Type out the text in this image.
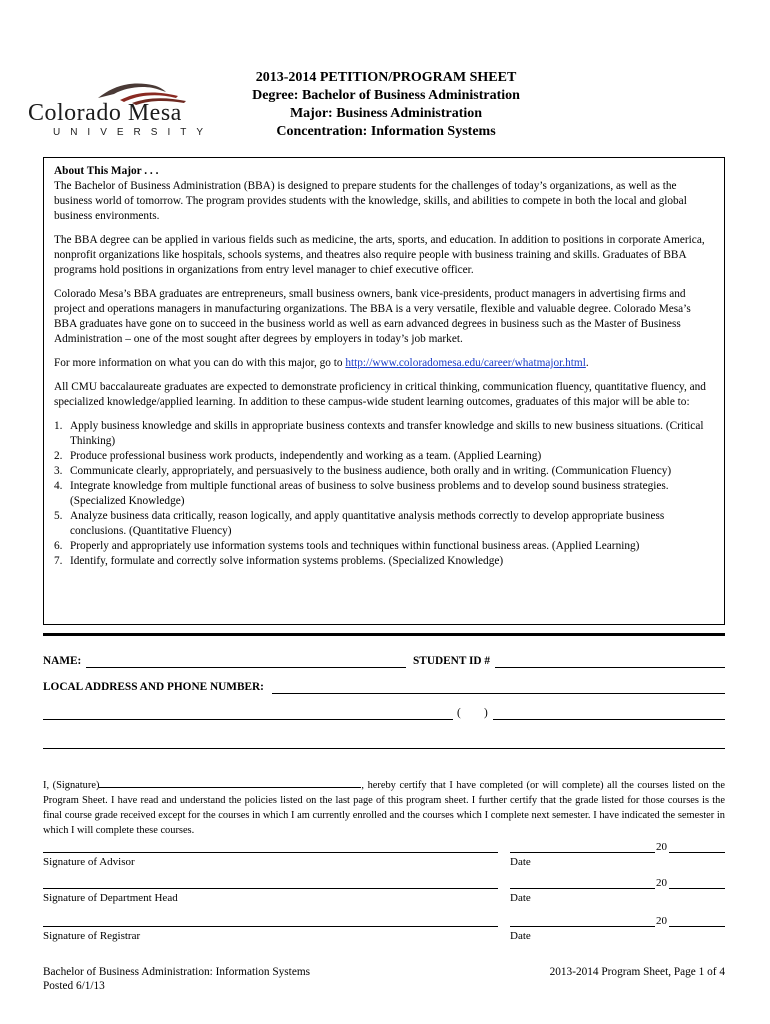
Colorado Mesa
UNIVERSITY
2013-2014 PETITION/PROGRAM SHEET
Degree: Bachelor of Business Administration
Major: Business Administration
Concentration: Information Systems
About This Major . . .

The Bachelor of Business Administration (BBA) is designed to prepare students for the challenges of today’s organizations, as well as the business world of tomorrow. The program provides students with the knowledge, skills, and abilities to compete in both the local and global business environments.

The BBA degree can be applied in various fields such as medicine, the arts, sports, and education. In addition to positions in corporate America, nonprofit organizations like hospitals, schools systems, and theatres also require people with business training and skills. Graduates of BBA programs hold positions in organizations from entry level manager to chief executive officer.

Colorado Mesa’s BBA graduates are entrepreneurs, small business owners, bank vice-presidents, product managers in advertising firms and project and operations managers in manufacturing organizations. The BBA is a very versatile, flexible and valuable degree. Colorado Mesa’s BBA graduates have gone on to succeed in the business world as well as earn advanced degrees in business such as the Master of Business Administration – one of the most sought after degrees by employers in today’s job market.

For more information on what you can do with this major, go to http://www.coloradomesa.edu/career/whatmajor.html.

All CMU baccalaureate graduates are expected to demonstrate proficiency in critical thinking, communication fluency, quantitative fluency, and specialized knowledge/applied learning. In addition to these campus-wide student learning outcomes, graduates of this major will be able to:

1. Apply business knowledge and skills in appropriate business contexts and transfer knowledge and skills to new business situations. (Critical Thinking)
2. Produce professional business work products, independently and working as a team. (Applied Learning)
3. Communicate clearly, appropriately, and persuasively to the business audience, both orally and in writing. (Communication Fluency)
4. Integrate knowledge from multiple functional areas of business to solve business problems and to develop sound business strategies. (Specialized Knowledge)
5. Analyze business data critically, reason logically, and apply quantitative analysis methods correctly to develop appropriate business conclusions. (Quantitative Fluency)
6. Properly and appropriately use information systems tools and techniques within functional business areas. (Applied Learning)
7. Identify, formulate and correctly solve information systems problems. (Specialized Knowledge)
NAME:	STUDENT ID #
LOCAL ADDRESS AND PHONE NUMBER:
( )
I, (Signature)	, hereby certify that I have completed (or will complete) all the courses listed on the Program Sheet. I have read and understand the policies listed on the last page of this program sheet. I further certify that the grade listed for those courses is the final course grade received except for the courses in which I am currently enrolled and the courses which I complete next semester. I have indicated the semester in which I will complete these courses.
20
Signature of Advisor	Date
20
Signature of Department Head	Date
20
Signature of Registrar	Date
Bachelor of Business Administration: Information Systems
Posted 6/1/13
2013-2014 Program Sheet, Page 1 of 4
